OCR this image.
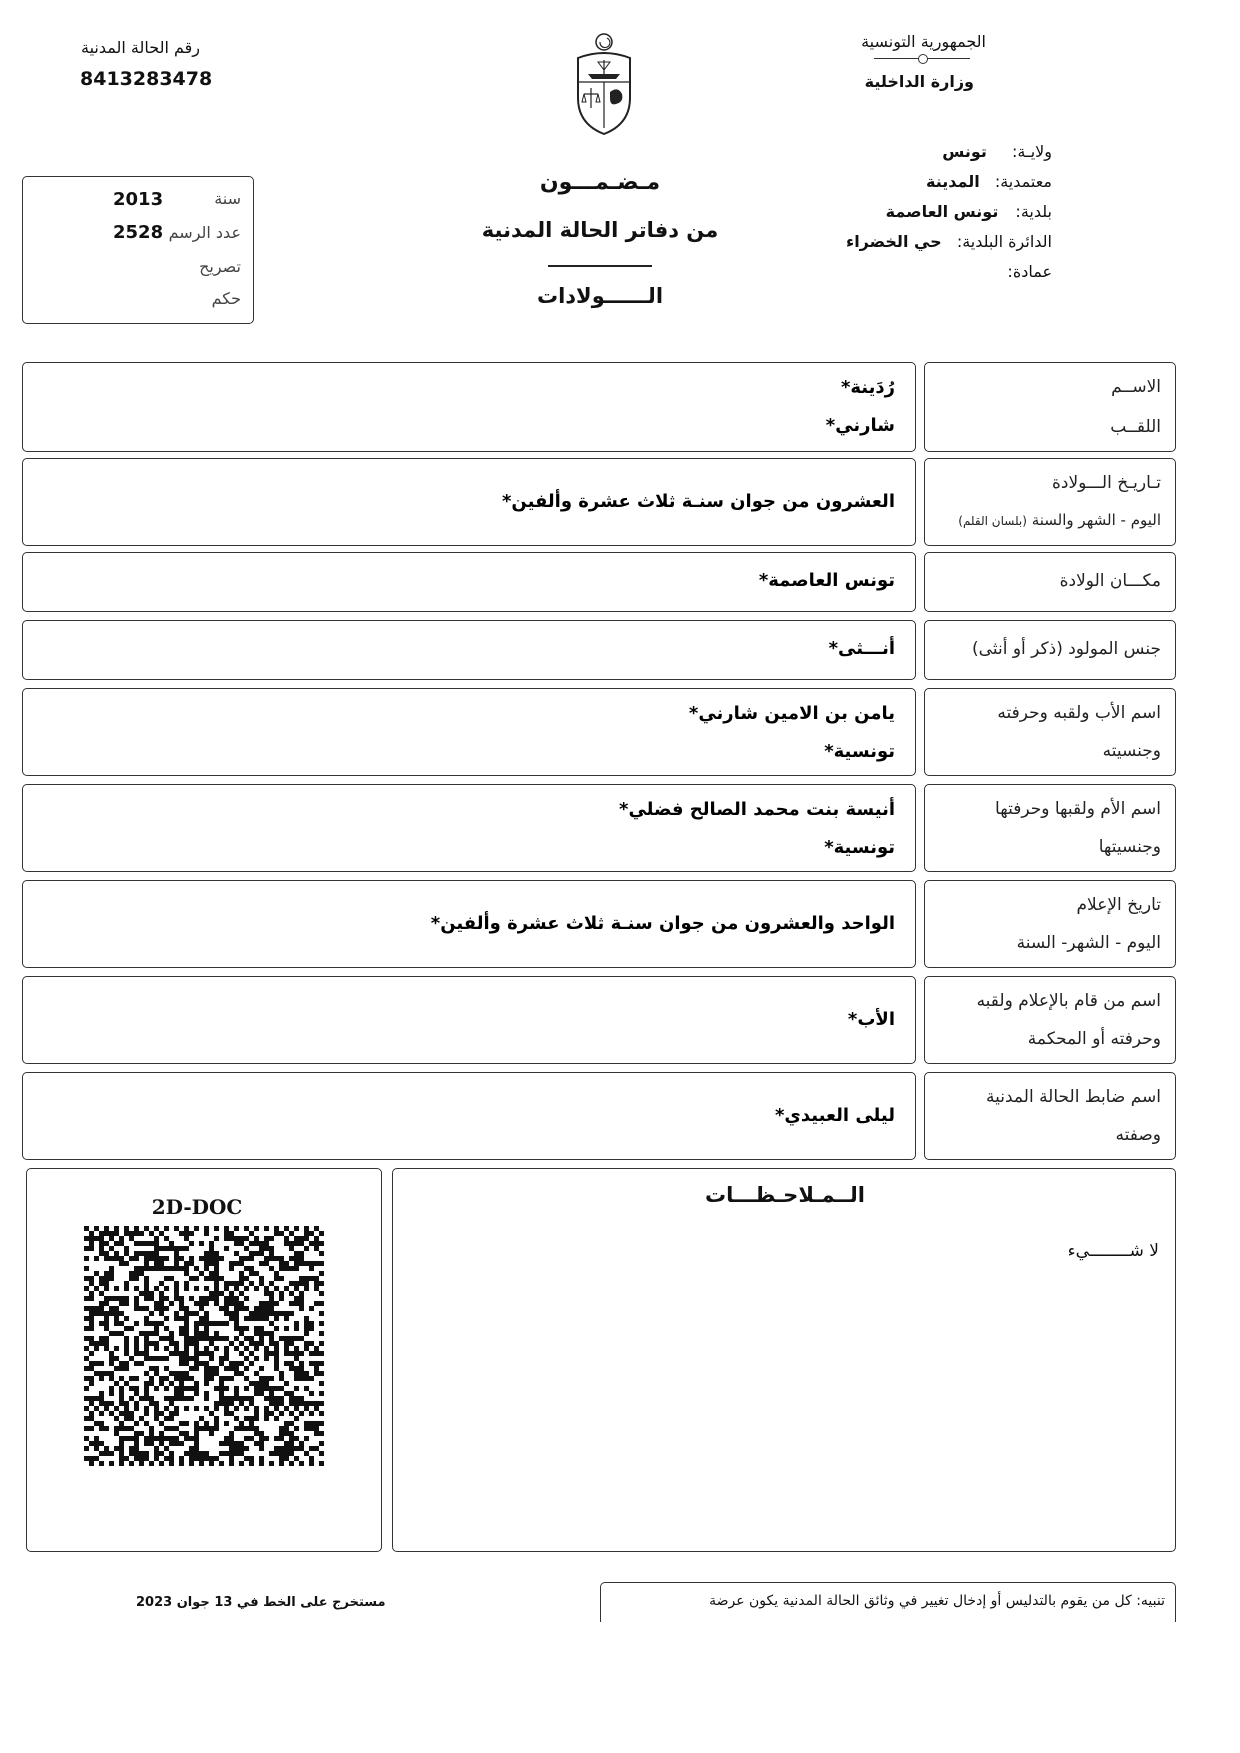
الجمهورية التونسية
وزارة الداخلية
رقم الحالة المدنية
8413283478
ولايـة: تونس
معتمدية: المدينة
بلدية: تونس العاصمة
الدائرة البلدية: حي الخضراء
عمادة:
مـضـمـــون
من دفاتر الحالة المدنية
الــــــولادات
سنة
2013
عدد الرسم
2528
تصريح
حكم
الاســم
اللقــب
رُدَينة*
شارني*
تـاريـخ الـــولادة
اليوم - الشهر والسنة (بلسان القلم)
العشرون من جوان سنـة ثلاث عشرة وألفين*
مكـــان الولادة
تونس العاصمة*
جنس المولود (ذكر أو أنثى)
أنـــثى*
اسم الأب ولقبه وحرفته
وجنسيته
يامن بن الامين شارني*
تونسية*
اسم الأم ولقبها وحرفتها
وجنسيتها
أنيسة بنت محمد الصالح فضلي*
تونسية*
تاريخ الإعلام
اليوم - الشهر- السنة
الواحد والعشرون من جوان سنـة ثلاث عشرة وألفين*
اسم من قام بالإعلام ولقبه
وحرفته أو المحكمة
الأب*
اسم ضابط الحالة المدنية
وصفته
ليلى العبيدي*
2D-DOC	الــمـلاحـظـــات
لا شــــــــيء
مستخرج على الخط في 13 جوان 2023	تنبيه: كل من يقوم بالتدليس أو إدخال تغيير في وثائق الحالة المدنية يكون عرضة
